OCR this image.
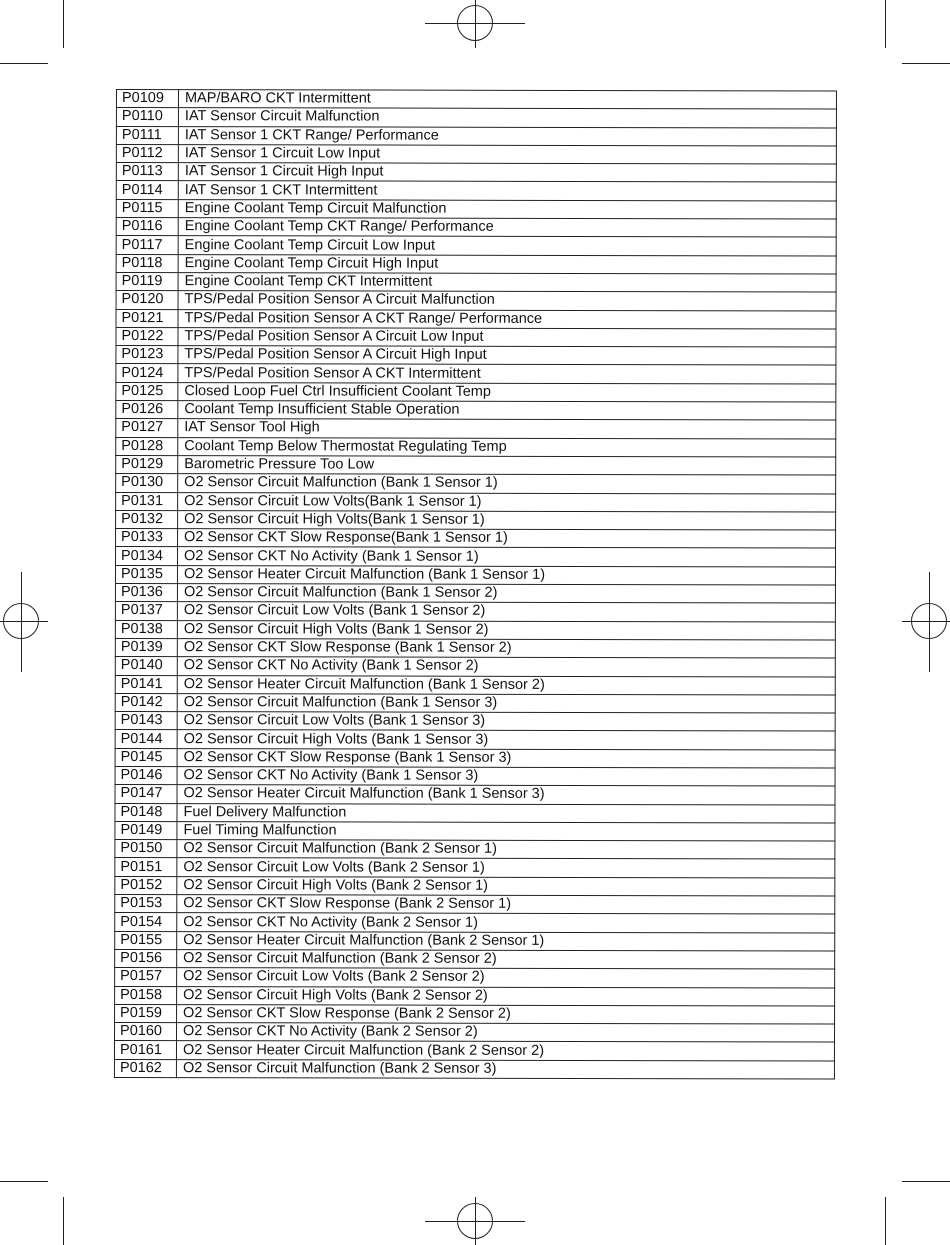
P0109	MAP/BARO CKT Intermittent
P0110	IAT Sensor Circuit Malfunction
P0111	IAT Sensor 1 CKT Range/ Performance
P0112	IAT Sensor 1 Circuit Low Input
P0113	IAT Sensor 1 Circuit High Input
P0114	IAT Sensor 1 CKT Intermittent
P0115	Engine Coolant Temp Circuit Malfunction
P0116	Engine Coolant Temp CKT Range/ Performance
P0117	Engine Coolant Temp Circuit Low Input
P0118	Engine Coolant Temp Circuit High Input
P0119	Engine Coolant Temp CKT Intermittent
P0120	TPS/Pedal Position Sensor A Circuit Malfunction
P0121	TPS/Pedal Position Sensor A CKT Range/ Performance
P0122	TPS/Pedal Position Sensor A Circuit Low Input
P0123	TPS/Pedal Position Sensor A Circuit High Input
P0124	TPS/Pedal Position Sensor A CKT Intermittent
P0125	Closed Loop Fuel Ctrl Insufficient Coolant Temp
P0126	Coolant Temp Insufficient Stable Operation
P0127	IAT Sensor Tool High
P0128	Coolant Temp Below Thermostat Regulating Temp
P0129	Barometric Pressure Too Low
P0130	O2 Sensor Circuit Malfunction (Bank 1 Sensor 1)
P0131	O2 Sensor Circuit Low Volts(Bank 1 Sensor 1)
P0132	O2 Sensor Circuit High Volts(Bank 1 Sensor 1)
P0133	O2 Sensor CKT Slow Response(Bank 1 Sensor 1)
P0134	O2 Sensor CKT No Activity (Bank 1 Sensor 1)
P0135	O2 Sensor Heater Circuit Malfunction (Bank 1 Sensor 1)
P0136	O2 Sensor Circuit Malfunction (Bank 1 Sensor 2)
P0137	O2 Sensor Circuit Low Volts (Bank 1 Sensor 2)
P0138	O2 Sensor Circuit High Volts (Bank 1 Sensor 2)
P0139	O2 Sensor CKT Slow Response (Bank 1 Sensor 2)
P0140	O2 Sensor CKT No Activity (Bank 1 Sensor 2)
P0141	O2 Sensor Heater Circuit Malfunction (Bank 1 Sensor 2)
P0142	O2 Sensor Circuit Malfunction (Bank 1 Sensor 3)
P0143	O2 Sensor Circuit Low Volts (Bank 1 Sensor 3)
P0144	O2 Sensor Circuit High Volts (Bank 1 Sensor 3)
P0145	O2 Sensor CKT Slow Response (Bank 1 Sensor 3)
P0146	O2 Sensor CKT No Activity (Bank 1 Sensor 3)
P0147	O2 Sensor Heater Circuit Malfunction (Bank 1 Sensor 3)
P0148	Fuel Delivery Malfunction
P0149	Fuel Timing Malfunction
P0150	O2 Sensor Circuit Malfunction (Bank 2 Sensor 1)
P0151	O2 Sensor Circuit Low Volts (Bank 2 Sensor 1)
P0152	O2 Sensor Circuit High Volts (Bank 2 Sensor 1)
P0153	O2 Sensor CKT Slow Response (Bank 2 Sensor 1)
P0154	O2 Sensor CKT No Activity (Bank 2 Sensor 1)
P0155	O2 Sensor Heater Circuit Malfunction (Bank 2 Sensor 1)
P0156	O2 Sensor Circuit Malfunction (Bank 2 Sensor 2)
P0157	O2 Sensor Circuit Low Volts (Bank 2 Sensor 2)
P0158	O2 Sensor Circuit High Volts (Bank 2 Sensor 2)
P0159	O2 Sensor CKT Slow Response (Bank 2 Sensor 2)
P0160	O2 Sensor CKT No Activity (Bank 2 Sensor 2)
P0161	O2 Sensor Heater Circuit Malfunction (Bank 2 Sensor 2)
P0162	O2 Sensor Circuit Malfunction (Bank 2 Sensor 3)
